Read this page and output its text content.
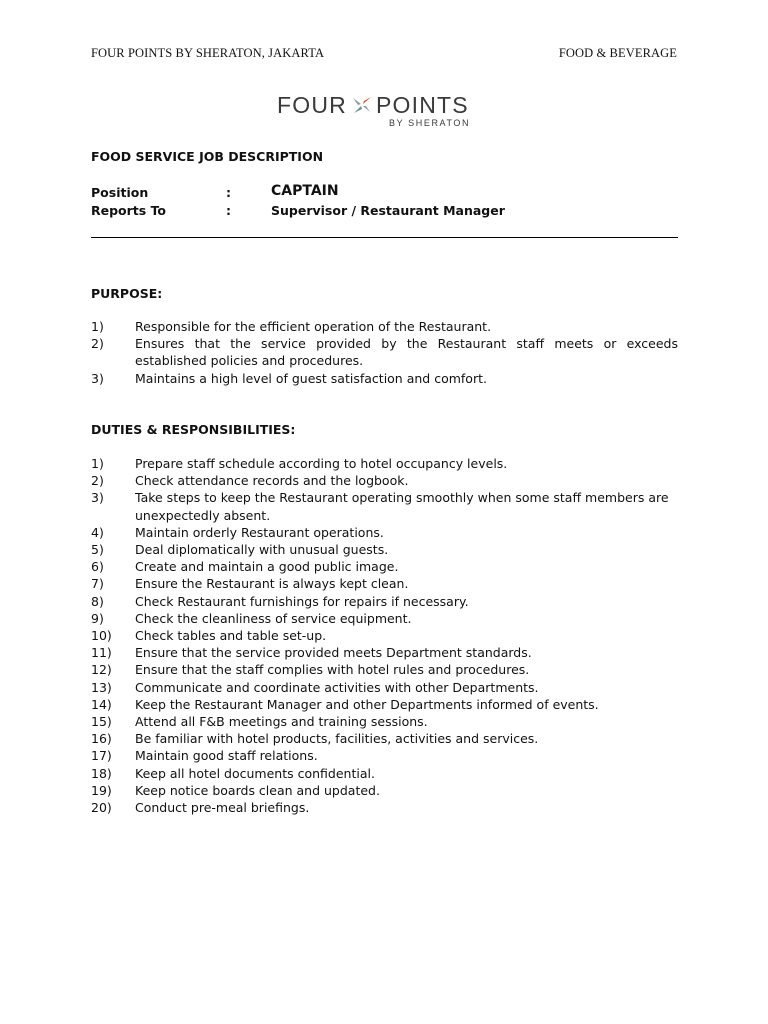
FOUR POINTS BY SHERATON, JAKARTA	FOOD & BEVERAGE
FOUR POINTS
BY SHERATON
FOOD SERVICE JOB DESCRIPTION
Position	:	CAPTAIN
Reports To	:	Supervisor / Restaurant Manager
PURPOSE:
1) Responsible for the efficient operation of the Restaurant.
2) Ensures that the service provided by the Restaurant staff meets or exceeds established policies and procedures.
3) Maintains a high level of guest satisfaction and comfort.
DUTIES & RESPONSIBILITIES:
1) Prepare staff schedule according to hotel occupancy levels.
2) Check attendance records and the logbook.
3) Take steps to keep the Restaurant operating smoothly when some staff members are unexpectedly absent.
4) Maintain orderly Restaurant operations.
5) Deal diplomatically with unusual guests.
6) Create and maintain a good public image.
7) Ensure the Restaurant is always kept clean.
8) Check Restaurant furnishings for repairs if necessary.
9) Check the cleanliness of service equipment.
10) Check tables and table set-up.
11) Ensure that the service provided meets Department standards.
12) Ensure that the staff complies with hotel rules and procedures.
13) Communicate and coordinate activities with other Departments.
14) Keep the Restaurant Manager and other Departments informed of events.
15) Attend all F&B meetings and training sessions.
16) Be familiar with hotel products, facilities, activities and services.
17) Maintain good staff relations.
18) Keep all hotel documents confidential.
19) Keep notice boards clean and updated.
20) Conduct pre-meal briefings.
